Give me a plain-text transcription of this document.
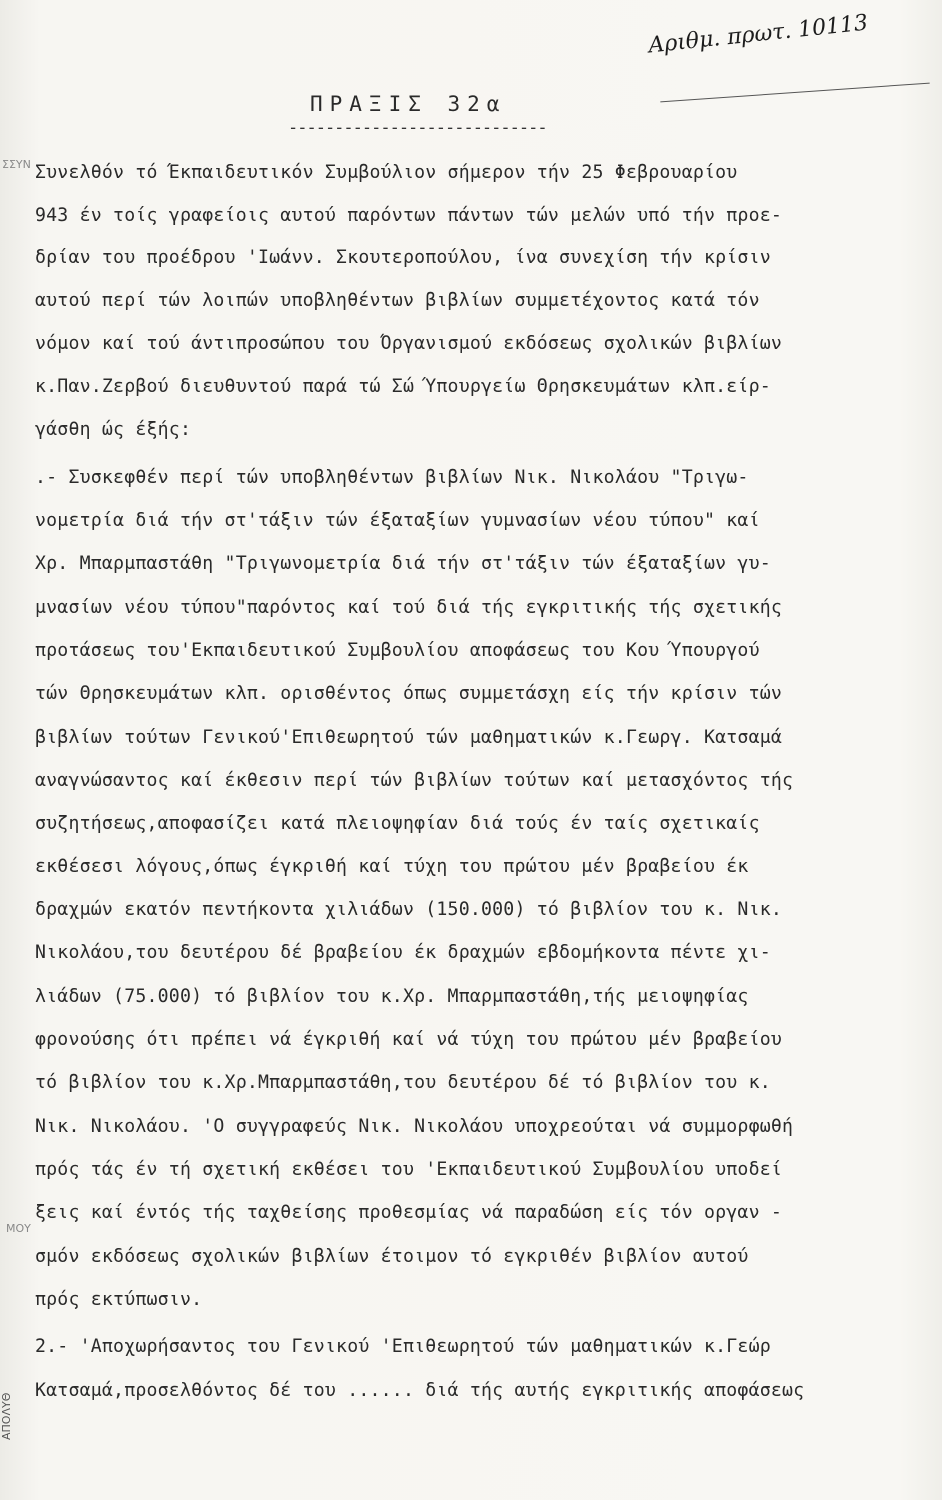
Αριθμ. πρωτ. 10113
ΠΡΑΞΙΣ 32α
----------------------------
ΣΣΥΝ
ΜΟΥ
ΑΠΟΛΥΘ
Συνελθόν τό Έκπαιδευτικόν Συμβούλιον σήμερον τήν 25 Φεβρουαρίου
943 έν τοίς γραφείοις αυτού παρόντων πάντων τών μελών υπό τήν προε-
δρίαν του προέδρου 'Ιωάνν. Σκουτεροπούλου, ίνα συνεχίση τήν κρίσιν
αυτού περί τών λοιπών υποβληθέντων βιβλίων συμμετέχοντος κατά τόν
νόμον καί τού άντιπροσώπου του Όργανισμού εκδόσεως σχολικών βιβλίων
κ.Παν.Ζερβού διευθυντού παρά τώ Σώ Ύπουργείω Θρησκευμάτων κλπ.είρ-
γάσθη ώς έξής:
.- Συσκεφθέν περί τών υποβληθέντων βιβλίων Νικ. Νικολάου "Τριγω-
νομετρία διά τήν στ'τάξιν τών έξαταξίων γυμνασίων νέου τύπου" καί
Χρ. Μπαρμπαστάθη "Τριγωνομετρία διά τήν στ'τάξιν τών έξαταξίων γυ-
μνασίων νέου τύπου"παρόντος καί τού διά τής εγκριτικής τής σχετικής
προτάσεως του'Εκπαιδευτικού Συμβουλίου αποφάσεως του Κου Ύπουργού
τών Θρησκευμάτων κλπ. ορισθέντος όπως συμμετάσχη είς τήν κρίσιν τών
βιβλίων τούτων Γενικού'Επιθεωρητού τών μαθηματικών κ.Γεωργ. Κατσαμά
αναγνώσαντος καί έκθεσιν περί τών βιβλίων τούτων καί μετασχόντος τής
συζητήσεως,αποφασίζει κατά πλειοψηφίαν διά τούς έν ταίς σχετικαίς
εκθέσεσι λόγους,όπως έγκριθή καί τύχη του πρώτου μέν βραβείου έκ
δραχμών εκατόν πεντήκοντα χιλιάδων (150.000) τό βιβλίον του κ. Νικ.
Νικολάου,του δευτέρου δέ βραβείου έκ δραχμών εβδομήκοντα πέντε χι-
λιάδων (75.000) τό βιβλίον του κ.Χρ. Μπαρμπαστάθη,τής μειοψηφίας
φρονούσης ότι πρέπει νά έγκριθή καί νά τύχη του πρώτου μέν βραβείου
τό βιβλίον του κ.Χρ.Μπαρμπαστάθη,του δευτέρου δέ τό βιβλίον του κ.
Νικ. Νικολάου. 'Ο συγγραφεύς Νικ. Νικολάου υποχρεούται νά συμμορφωθή
πρός τάς έν τή σχετική εκθέσει του 'Εκπαιδευτικού Συμβουλίου υποδεί
ξεις καί έντός τής ταχθείσης προθεσμίας νά παραδώση είς τόν οργαν -
σμόν εκδόσεως σχολικών βιβλίων έτοιμον τό εγκριθέν βιβλίον αυτού
πρός εκτύπωσιν.
2.- 'Αποχωρήσαντος του Γενικού 'Επιθεωρητού τών μαθηματικών κ.Γεώρ
Κατσαμά,προσελθόντος δέ του ...... διά τής αυτής εγκριτικής αποφάσεως
